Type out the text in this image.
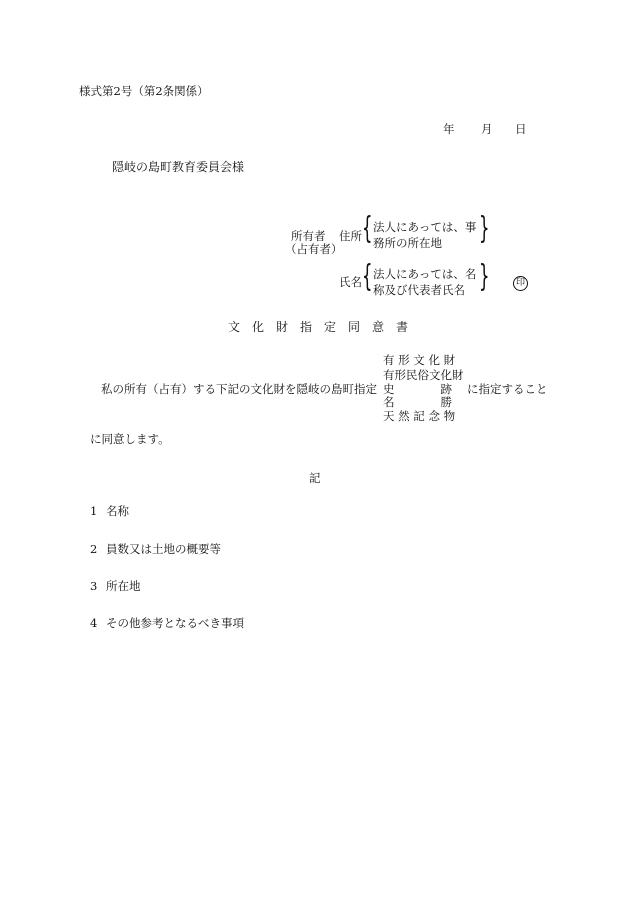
様式第2号（第2条関係）
年 月 日
隠岐の島町教育委員会様
所有者
（占有者）
住所 { 法人にあっては、事
務所の所在地 }
氏名 { 法人にあっては、名
称及び代表者氏名 }	印
文　化　財　指　定　同　意　書
有 形 文 化 財
有形民俗文化財
私の所有（占有）する下記の文化財を隠岐の島町指定 史　　　　跡 に指定すること
名　　　　勝
天 然 記 念 物
に同意します。
記
1 名称
2 員数又は土地の概要等
3 所在地
4 その他参考となるべき事項
